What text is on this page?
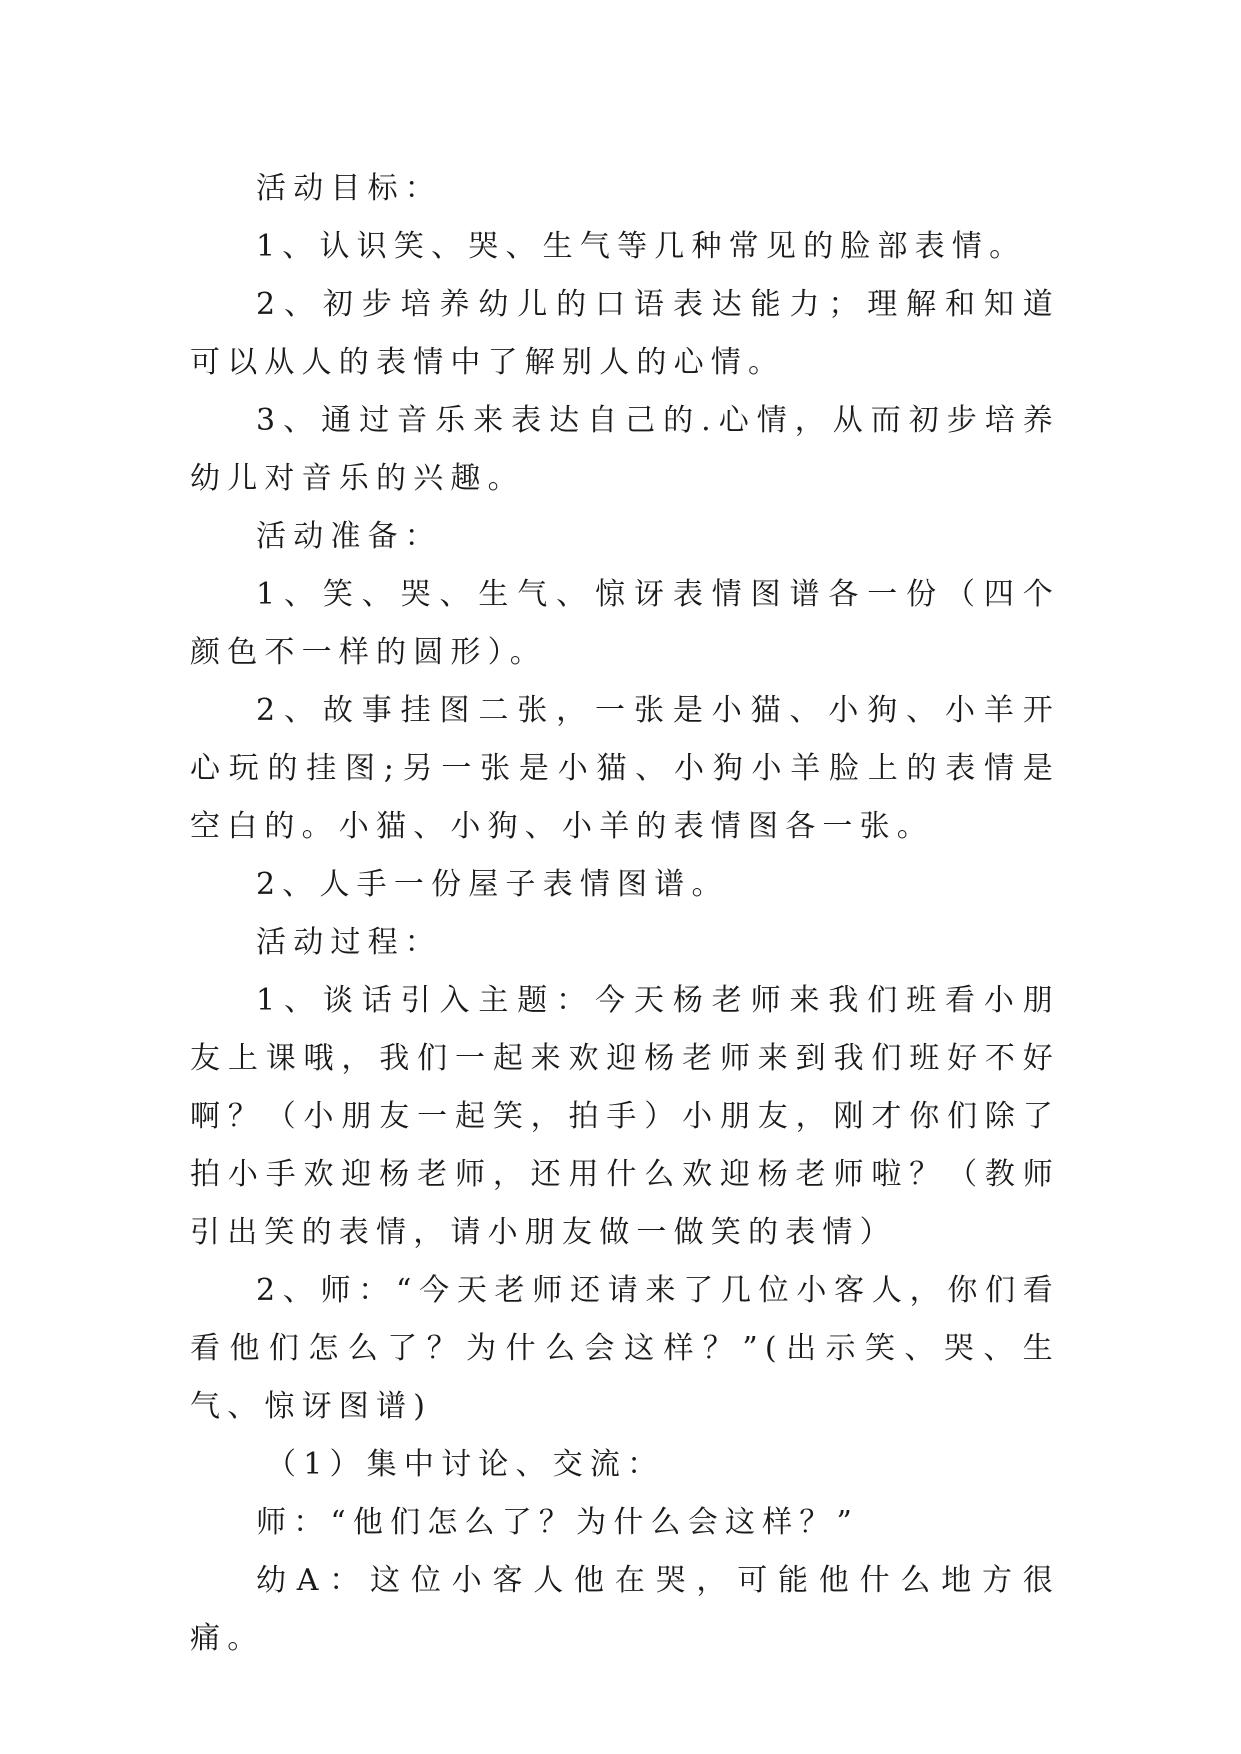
活动目标：

1、认识笑、哭、生气等几种常见的脸部表情。

2、初步培养幼儿的口语表达能力；理解和知道可以从人的表情中了解别人的心情。

3、通过音乐来表达自己的.心情，从而初步培养幼儿对音乐的兴趣。

活动准备：

1、笑、哭、生气、惊讶表情图谱各一份（四个颜色不一样的圆形）。

2、故事挂图二张，一张是小猫、小狗、小羊开心玩的挂图;另一张是小猫、小狗小羊脸上的表情是空白的。小猫、小狗、小羊的表情图各一张。

2、人手一份屋子表情图谱。

活动过程：

1、谈话引入主题：今天杨老师来我们班看小朋友上课哦，我们一起来欢迎杨老师来到我们班好不好啊？（小朋友一起笑，拍手）小朋友，刚才你们除了拍小手欢迎杨老师，还用什么欢迎杨老师啦？（教师引出笑的表情，请小朋友做一做笑的表情）

2、师：“今天老师还请来了几位小客人，你们看看他们怎么了？为什么会这样？”(出示笑、哭、生气、惊讶图谱)

（1）集中讨论、交流：

师：“他们怎么了？为什么会这样？”

幼A：这位小客人他在哭，可能他什么地方很痛。
